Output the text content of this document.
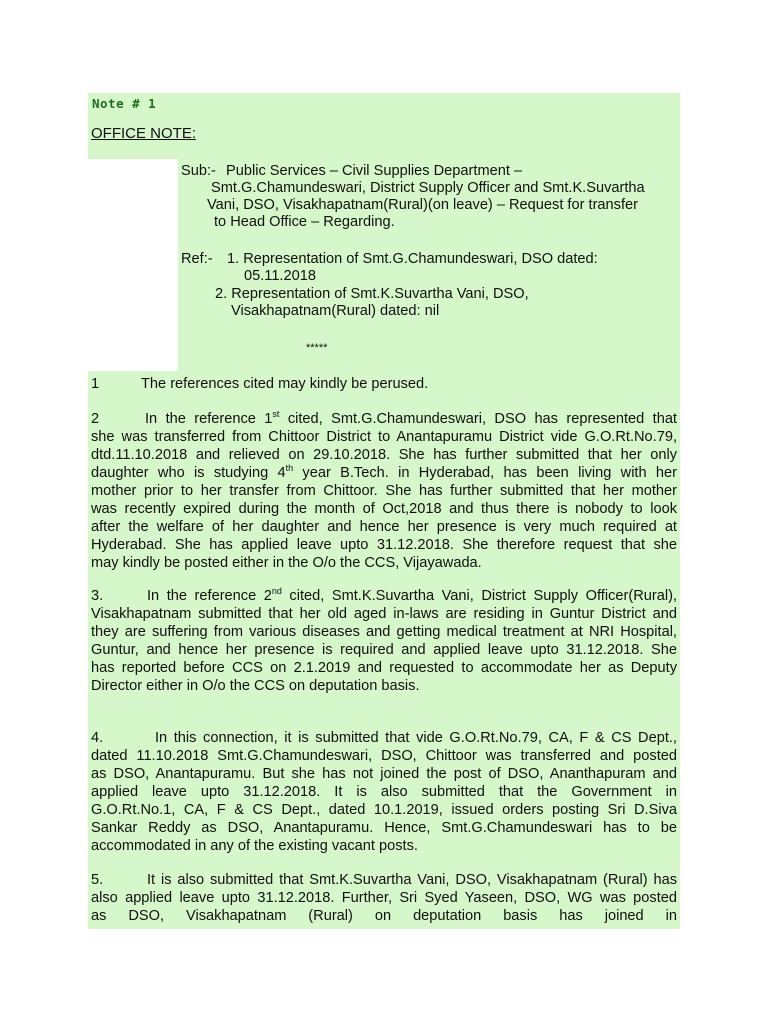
Note # 1
OFFICE NOTE:
Sub:- Public Services – Civil Supplies Department –
Smt.G.Chamundeswari, District Supply Officer and Smt.K.Suvartha
Vani, DSO, Visakhapatnam(Rural)(on leave) – Request for transfer
to Head Office – Regarding.
Ref:- 1. Representation of Smt.G.Chamundeswari, DSO dated:
05.11.2018
2. Representation of Smt.K.Suvartha Vani, DSO,
Visakhapatnam(Rural) dated: nil
*****
1	The references cited may kindly be perused.
2	In the reference 1st cited, Smt.G.Chamundeswari, DSO has represented that
she was transferred from Chittoor District to Anantapuramu District vide G.O.Rt.No.79,
dtd.11.10.2018 and relieved on 29.10.2018. She has further submitted that her only
daughter who is studying 4th year B.Tech. in Hyderabad, has been living with her
mother prior to her transfer from Chittoor. She has further submitted that her mother
was recently expired during the month of Oct,2018 and thus there is nobody to look
after the welfare of her daughter and hence her presence is very much required at
Hyderabad. She has applied leave upto 31.12.2018. She therefore request that she
may kindly be posted either in the O/o the CCS, Vijayawada.
3.	In the reference 2nd cited, Smt.K.Suvartha Vani, District Supply Officer(Rural),
Visakhapatnam submitted that her old aged in-laws are residing in Guntur District and
they are suffering from various diseases and getting medical treatment at NRI Hospital,
Guntur, and hence her presence is required and applied leave upto 31.12.2018. She
has reported before CCS on 2.1.2019 and requested to accommodate her as Deputy
Director either in O/o the CCS on deputation basis.
4.	In this connection, it is submitted that vide G.O.Rt.No.79, CA, F & CS Dept.,
dated 11.10.2018 Smt.G.Chamundeswari, DSO, Chittoor was transferred and posted
as DSO, Anantapuramu. But she has not joined the post of DSO, Ananthapuram and
applied leave upto 31.12.2018. It is also submitted that the Government in
G.O.Rt.No.1, CA, F & CS Dept., dated 10.1.2019, issued orders posting Sri D.Siva
Sankar Reddy as DSO, Anantapuramu. Hence, Smt.G.Chamundeswari has to be
accommodated in any of the existing vacant posts.
5.	It is also submitted that Smt.K.Suvartha Vani, DSO, Visakhapatnam (Rural) has
also applied leave upto 31.12.2018. Further, Sri Syed Yaseen, DSO, WG was posted
as DSO, Visakhapatnam (Rural) on deputation basis has joined in
